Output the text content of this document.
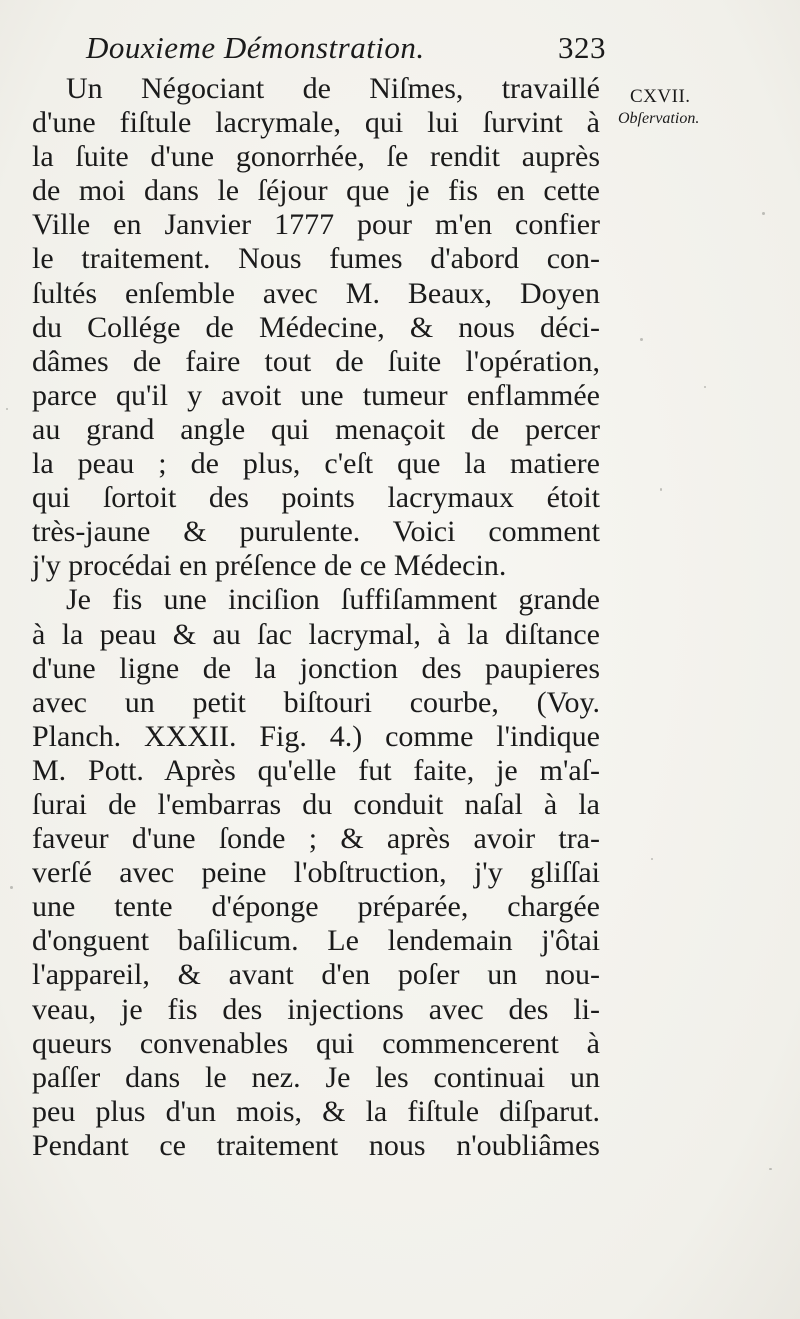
Douxieme Démonstration.	323
CXVII.
Obſervation.
Un Négociant de Niſmes, travaillé
d'une fiſtule lacrymale, qui lui ſurvint à
la ſuite d'une gonorrhée, ſe rendit auprès
de moi dans le ſéjour que je fis en cette
Ville en Janvier 1777 pour m'en confier
le traitement. Nous fumes d'abord con-
ſultés enſemble avec M. Beaux, Doyen
du Collége de Médecine, & nous déci-
dâmes de faire tout de ſuite l'opération,
parce qu'il y avoit une tumeur enflammée
au grand angle qui menaçoit de percer
la peau ; de plus, c'eſt que la matiere
qui ſortoit des points lacrymaux étoit
très-jaune & purulente. Voici comment
j'y procédai en préſence de ce Médecin.
Je fis une inciſion ſuffiſamment grande
à la peau & au ſac lacrymal, à la diſtance
d'une ligne de la jonction des paupieres
avec un petit biſtouri courbe, (Voy.
Planch. XXXII. Fig. 4.) comme l'indique
M. Pott. Après qu'elle fut faite, je m'aſ-
ſurai de l'embarras du conduit naſal à la
faveur d'une ſonde ; & après avoir tra-
verſé avec peine l'obſtruction, j'y gliſſai
une tente d'éponge préparée, chargée
d'onguent baſilicum. Le lendemain j'ôtai
l'appareil, & avant d'en poſer un nou-
veau, je fis des injections avec des li-
queurs convenables qui commencerent à
paſſer dans le nez. Je les continuai un
peu plus d'un mois, & la fiſtule diſparut.
Pendant ce traitement nous n'oubliâmes
